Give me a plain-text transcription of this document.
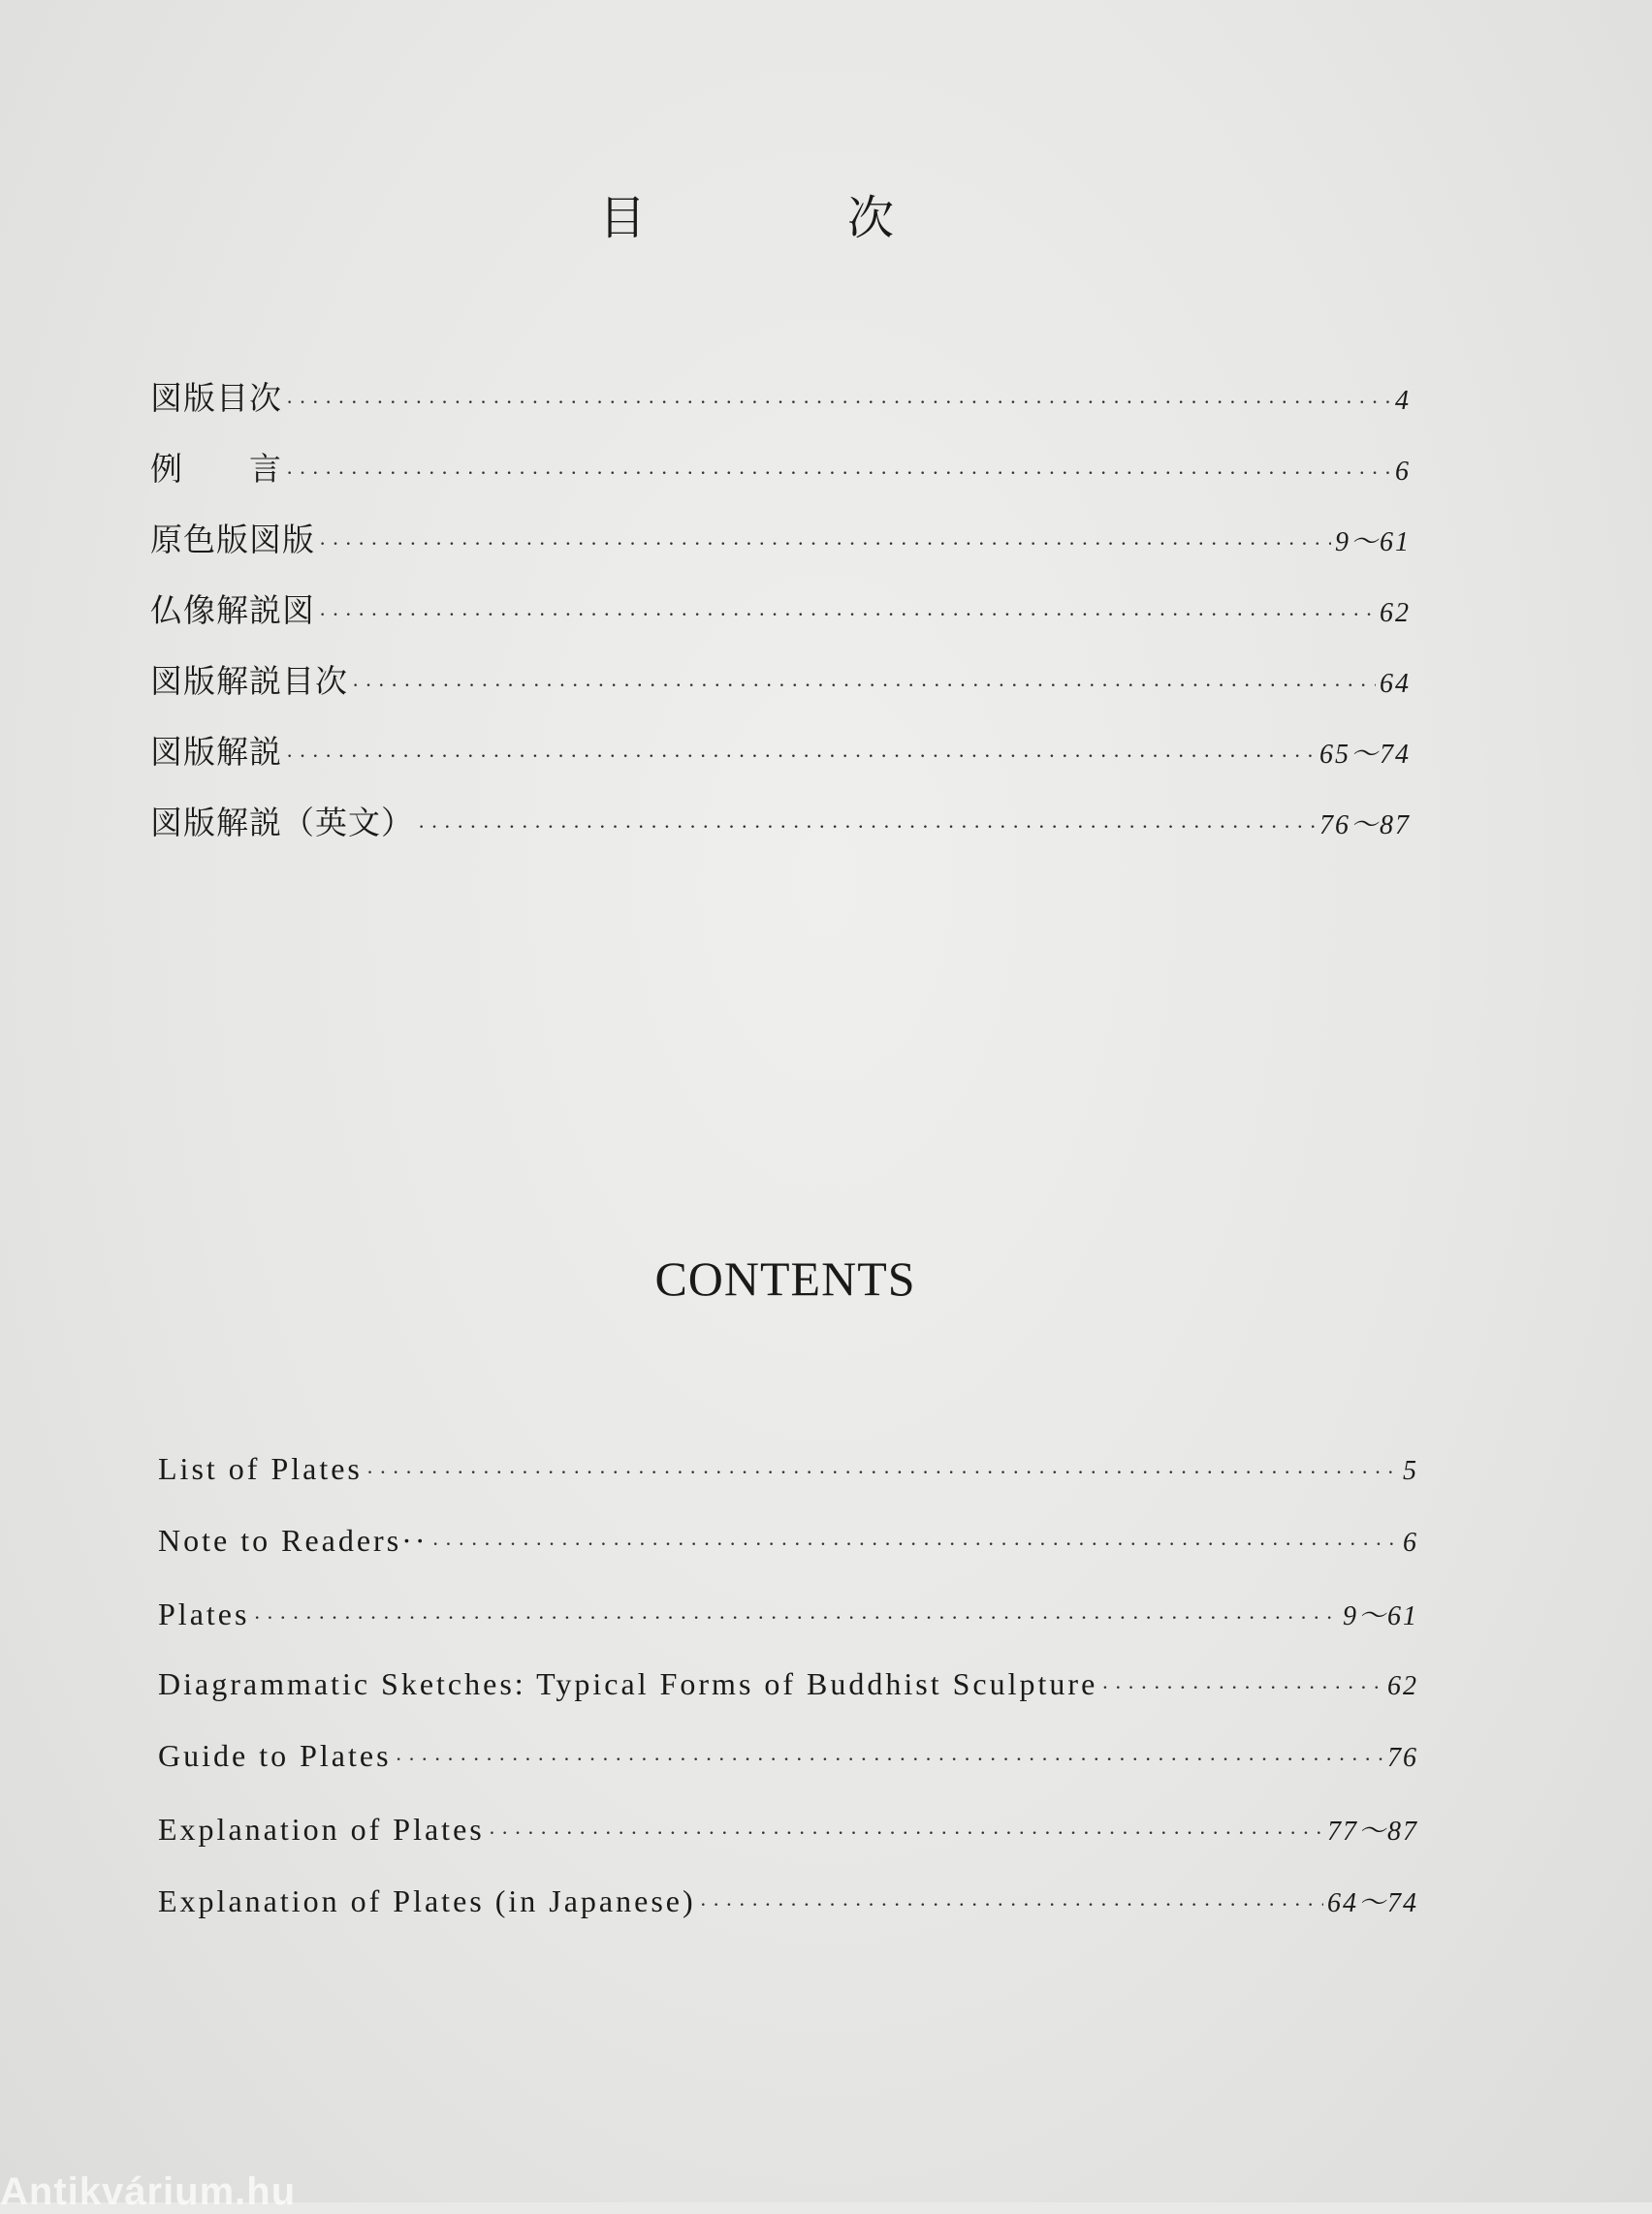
目　次
図版目次 ·····	4
例　　言 ·····	6
原色版図版 ·····	9～61
仏像解説図 ·····	62
図版解説目次 ·····	64
図版解説 ·····	65～74
図版解説（英文） ·····	76～87
CONTENTS
List of Plates ·····	5
Note to Readers·· ·····	6
Plates ·····	9～61
Diagrammatic Sketches: Typical Forms of Buddhist Sculpture ·····	62
Guide to Plates ·····	76
Explanation of Plates ·····	77～87
Explanation of Plates (in Japanese) ·····	64～74
Antikvárium.hu
